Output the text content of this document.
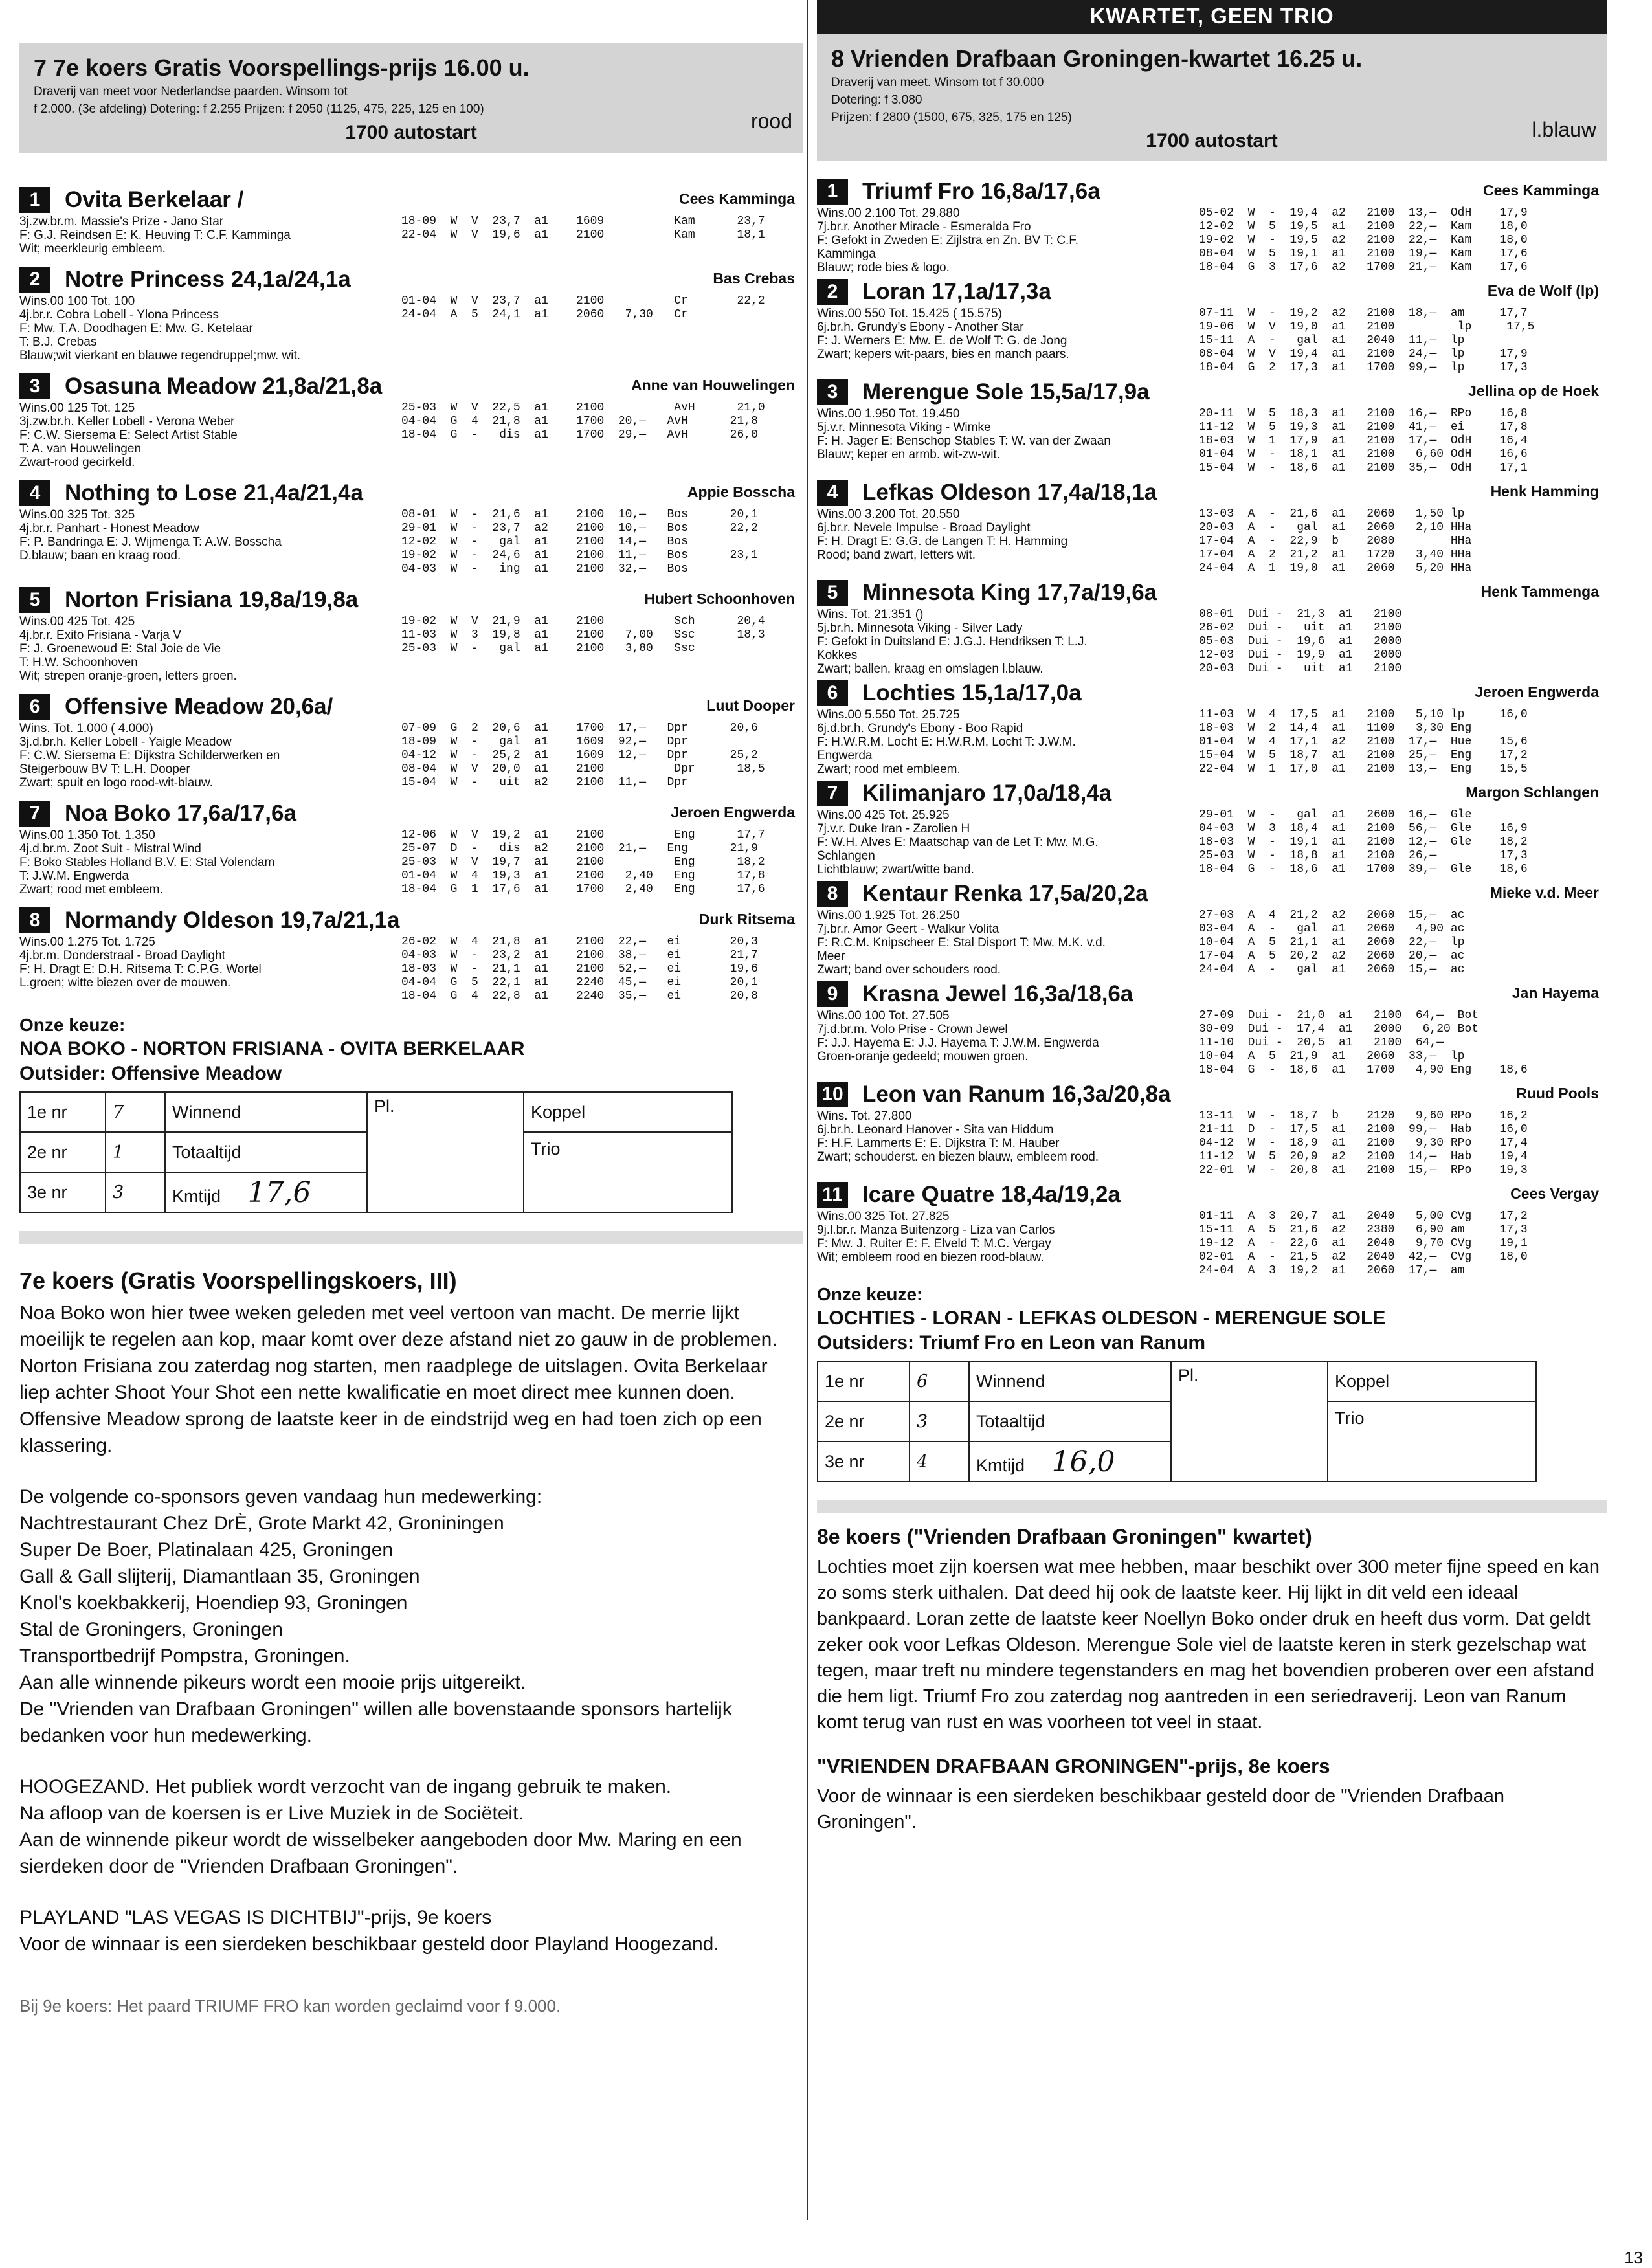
7 7e koers Gratis Voorspellings-prijs 16.00 u.
Draverij van meet voor Nederlandse paarden. Winsom tot
f 2.000. (3e afdeling) Dotering: f 2.255 Prijzen: f 2050 (1125, 475, 225, 125 en 100)
1700 autostart	rood
1	Ovita Berkelaar /	Cees Kamminga
3j.zw.br.m. Massie's Prize - Jano Star
F: G.J. Reindsen E: K. Heuving T: C.F. Kamminga
Wit; meerkleurig embleem.
18-09  W  V  23,7  a1    1609          Kam      23,7
22-04  W  V  19,6  a1    2100          Kam      18,1
2	Notre Princess 24,1a/24,1a	Bas Crebas
Wins.00 100 Tot. 100
4j.br.r. Cobra Lobell - Ylona Princess
F: Mw. T.A. Doodhagen E: Mw. G. Ketelaar
T: B.J. Crebas
Blauw;wit vierkant en blauwe regendruppel;mw. wit.
01-04  W  V  23,7  a1    2100          Cr       22,2
24-04  A  5  24,1  a1    2060   7,30   Cr
3	Osasuna Meadow 21,8a/21,8a	Anne van Houwelingen
Wins.00 125 Tot. 125
3j.zw.br.h. Keller Lobell - Verona Weber
F: C.W. Siersema E: Select Artist Stable
T: A. van Houwelingen
Zwart-rood gecirkeld.
25-03  W  V  22,5  a1    2100          AvH      21,0
04-04  G  4  21,8  a1    1700  20,—   AvH      21,8
18-04  G  -   dis  a1    1700  29,—   AvH      26,0
4	Nothing to Lose 21,4a/21,4a	Appie Bosscha
Wins.00 325 Tot. 325
4j.br.r. Panhart - Honest Meadow
F: P. Bandringa E: J. Wijmenga T: A.W. Bosscha
D.blauw; baan en kraag rood.
08-01  W  -  21,6  a1    2100  10,—   Bos      20,1
29-01  W  -  23,7  a2    2100  10,—   Bos      22,2
12-02  W  -   gal  a1    2100  14,—   Bos
19-02  W  -  24,6  a1    2100  11,—   Bos      23,1
04-03  W  -   ing  a1    2100  32,—   Bos
5	Norton Frisiana 19,8a/19,8a	Hubert Schoonhoven
Wins.00 425 Tot. 425
4j.br.r. Exito Frisiana - Varja V
F: J. Groenewoud E: Stal Joie de Vie
T: H.W. Schoonhoven
Wit; strepen oranje-groen, letters groen.
19-02  W  V  21,9  a1    2100          Sch      20,4
11-03  W  3  19,8  a1    2100   7,00   Ssc      18,3
25-03  W  -   gal  a1    2100   3,80   Ssc
6	Offensive Meadow 20,6a/	Luut Dooper
Wins. Tot. 1.000 ( 4.000)
3j.d.br.h. Keller Lobell - Yaigle Meadow
F: C.W. Siersema E: Dijkstra Schilderwerken en
Steigerbouw BV T: L.H. Dooper
Zwart; spuit en logo rood-wit-blauw.
07-09  G  2  20,6  a1    1700  17,—   Dpr      20,6
18-09  W  -   gal  a1    1609  92,—   Dpr
04-12  W  -  25,2  a1    1609  12,—   Dpr      25,2
08-04  W  V  20,0  a1    2100          Dpr      18,5
15-04  W  -   uit  a2    2100  11,—   Dpr
7	Noa Boko 17,6a/17,6a	Jeroen Engwerda
Wins.00 1.350 Tot. 1.350
4j.d.br.m. Zoot Suit - Mistral Wind
F: Boko Stables Holland B.V. E: Stal Volendam
T: J.W.M. Engwerda
Zwart; rood met embleem.
12-06  W  V  19,2  a1    2100          Eng      17,7
25-07  D  -   dis  a2    2100  21,—   Eng      21,9
25-03  W  V  19,7  a1    2100          Eng      18,2
01-04  W  4  19,3  a1    2100   2,40   Eng      17,8
18-04  G  1  17,6  a1    1700   2,40   Eng      17,6
8	Normandy Oldeson 19,7a/21,1a	Durk Ritsema
Wins.00 1.275 Tot. 1.725
4j.br.m. Donderstraal - Broad Daylight
F: H. Dragt E: D.H. Ritsema T: C.P.G. Wortel
L.groen; witte biezen over de mouwen.
26-02  W  4  21,8  a1    2100  22,—   ei       20,3
04-03  W  -  23,2  a1    2100  38,—   ei       21,7
18-03  W  -  21,1  a1    2100  52,—   ei       19,6
04-04  G  5  22,1  a1    2240  45,—   ei       20,1
18-04  G  4  22,8  a1    2240  35,—   ei       20,8
Onze keuze:
NOA BOKO - NORTON FRISIANA - OVITA BERKELAAR
Outsider: Offensive Meadow
1e nr	7	Winnend	Pl.	Koppel
2e nr	1	Totaaltijd		Trio
3e nr	3	Kmtijd 17,6		
7e koers (Gratis Voorspellingskoers, III)
Noa Boko won hier twee weken geleden met veel vertoon van macht. De merrie lijkt moeilijk te regelen aan kop, maar komt over deze afstand niet zo gauw in de problemen. Norton Frisiana zou zaterdag nog starten, men raadplege de uitslagen. Ovita Berkelaar liep achter Shoot Your Shot een nette kwalificatie en moet direct mee kunnen doen. Offensive Meadow sprong de laatste keer in de eindstrijd weg en had toen zich op een klassering.

De volgende co-sponsors geven vandaag hun medewerking:

Nachtrestaurant Chez DrÈ, Grote Markt 42, Groniningen

Super De Boer, Platinalaan 425, Groningen

Gall & Gall slijterij, Diamantlaan 35, Groningen

Knol's koekbakkerij, Hoendiep 93, Groningen

Stal de Groningers, Groningen

Transportbedrijf Pompstra, Groningen.

Aan alle winnende pikeurs wordt een mooie prijs uitgereikt.

De "Vrienden van Drafbaan Groningen" willen alle bovenstaande sponsors hartelijk bedanken voor hun medewerking.

HOOGEZAND. Het publiek wordt verzocht van de ingang gebruik te maken.

Na afloop van de koersen is er Live Muziek in de Sociëteit.

Aan de winnende pikeur wordt de wisselbeker aangeboden door Mw. Maring en een sierdeken door de "Vrienden Drafbaan Groningen".

PLAYLAND "LAS VEGAS IS DICHTBIJ"-prijs, 9e koers

Voor de winnaar is een sierdeken beschikbaar gesteld door Playland Hoogezand.

Bij 9e koers: Het paard TRIUMF FRO kan worden geclaimd voor f 9.000.
KWARTET, GEEN TRIO
8 Vrienden Drafbaan Groningen-kwartet 16.25 u.
Draverij van meet. Winsom tot f 30.000
Dotering: f 3.080
Prijzen: f 2800 (1500, 675, 325, 175 en 125)
1700 autostart	l.blauw
1	Triumf Fro 16,8a/17,6a	Cees Kamminga
Wins.00 2.100 Tot. 29.880
7j.br.r. Another Miracle - Esmeralda Fro
F: Gefokt in Zweden E: Zijlstra en Zn. BV T: C.F.
Kamminga
Blauw; rode bies & logo.
05-02  W  -  19,4  a2   2100  13,—  OdH    17,9
12-02  W  5  19,5  a1   2100  22,—  Kam    18,0
19-02  W  -  19,5  a2   2100  22,—  Kam    18,0
08-04  W  5  19,1  a1   2100  19,—  Kam    17,6
18-04  G  3  17,6  a2   1700  21,—  Kam    17,6
2	Loran 17,1a/17,3a	Eva de Wolf (lp)
Wins.00 550 Tot. 15.425 ( 15.575)
6j.br.h. Grundy's Ebony - Another Star
F: J. Werners E: Mw. E. de Wolf T: G. de Jong
Zwart; kepers wit-paars, bies en manch paars.
07-11  W  -  19,2  a2   2100  18,—  am     17,7
19-06  W  V  19,0  a1   2100         lp     17,5
15-11  A  -   gal  a1   2040  11,—  lp
08-04  W  V  19,4  a1   2100  24,—  lp     17,9
18-04  G  2  17,3  a1   1700  99,—  lp     17,3
3	Merengue Sole 15,5a/17,9a	Jellina op de Hoek
Wins.00 1.950 Tot. 19.450
5j.v.r. Minnesota Viking - Wimke
F: H. Jager E: Benschop Stables T: W. van der Zwaan
Blauw; keper en armb. wit-zw-wit.
20-11  W  5  18,3  a1   2100  16,—  RPo    16,8
11-12  W  5  19,3  a1   2100  41,—  ei     17,8
18-03  W  1  17,9  a1   2100  17,—  OdH    16,4
01-04  W  -  18,1  a1   2100   6,60 OdH    16,6
15-04  W  -  18,6  a1   2100  35,—  OdH    17,1
4	Lefkas Oldeson 17,4a/18,1a	Henk Hamming
Wins.00 3.200 Tot. 20.550
6j.br.r. Nevele Impulse - Broad Daylight
F: H. Dragt E: G.G. de Langen T: H. Hamming
Rood; band zwart, letters wit.
13-03  A  -  21,6  a1   2060   1,50 lp
20-03  A  -   gal  a1   2060   2,10 HHa
17-04  A  -  22,9  b    2080        HHa
17-04  A  2  21,2  a1   1720   3,40 HHa
24-04  A  1  19,0  a1   2060   5,20 HHa
5	Minnesota King 17,7a/19,6a	Henk Tammenga
Wins. Tot. 21.351 ()
5j.br.h. Minnesota Viking - Silver Lady
F: Gefokt in Duitsland E: J.G.J. Hendriksen T: L.J.
Kokkes
Zwart; ballen, kraag en omslagen l.blauw.
08-01  Dui -  21,3  a1   2100
26-02  Dui -   uit  a1   2100
05-03  Dui -  19,6  a1   2000
12-03  Dui -  19,9  a1   2000
20-03  Dui -   uit  a1   2100
6	Lochties 15,1a/17,0a	Jeroen Engwerda
Wins.00 5.550 Tot. 25.725
6j.d.br.h. Grundy's Ebony - Boo Rapid
F: H.W.R.M. Locht E: H.W.R.M. Locht T: J.W.M.
Engwerda
Zwart; rood met embleem.
11-03  W  4  17,5  a1   2100   5,10 lp     16,0
18-03  W  2  14,4  a1   1100   3,30 Eng
01-04  W  4  17,1  a2   2100  17,—  Hue    15,6
15-04  W  5  18,7  a1   2100  25,—  Eng    17,2
22-04  W  1  17,0  a1   2100  13,—  Eng    15,5
7	Kilimanjaro 17,0a/18,4a	Margon Schlangen
Wins.00 425 Tot. 25.925
7j.v.r. Duke Iran - Zarolien H
F: W.H. Alves E: Maatschap van de Let T: Mw. M.G.
Schlangen
Lichtblauw; zwart/witte band.
29-01  W  -   gal  a1   2600  16,—  Gle
04-03  W  3  18,4  a1   2100  56,—  Gle    16,9
18-03  W  -  19,1  a1   2100  12,—  Gle    18,2
25-03  W  -  18,8  a1   2100  26,—         17,3
18-04  G  -  18,6  a1   1700  39,—  Gle    18,6
8	Kentaur Renka 17,5a/20,2a	Mieke v.d. Meer
Wins.00 1.925 Tot. 26.250
7j.br.r. Amor Geert - Walkur Volita
F: R.C.M. Knipscheer E: Stal Disport T: Mw. M.K. v.d.
Meer
Zwart; band over schouders rood.
27-03  A  4  21,2  a2   2060  15,—  ac
03-04  A  -   gal  a1   2060   4,90 ac
10-04  A  5  21,1  a1   2060  22,—  lp
17-04  A  5  20,2  a2   2060  20,—  ac
24-04  A  -   gal  a1   2060  15,—  ac
9	Krasna Jewel 16,3a/18,6a	Jan Hayema
Wins.00 100 Tot. 27.505
7j.d.br.m. Volo Prise - Crown Jewel
F: J.J. Hayema E: J.J. Hayema T: J.W.M. Engwerda
Groen-oranje gedeeld; mouwen groen.
27-09  Dui -  21,0  a1   2100  64,—  Bot
30-09  Dui -  17,4  a1   2000   6,20 Bot
11-10  Dui -  20,5  a1   2100  64,—
10-04  A  5  21,9  a1   2060  33,—  lp
18-04  G  -  18,6  a1   1700   4,90 Eng    18,6
10 Leon van Ranum 16,3a/20,8a	Ruud Pools
Wins. Tot. 27.800
6j.br.h. Leonard Hanover - Sita van Hiddum
F: H.F. Lammerts E: E. Dijkstra T: M. Hauber
Zwart; schouderst. en biezen blauw, embleem rood.
13-11  W  -  18,7  b    2120   9,60 RPo    16,2
21-11  D  -  17,5  a1   2100  99,—  Hab    16,0
04-12  W  -  18,9  a1   2100   9,30 RPo    17,4
11-12  W  5  20,9  a2   2100  14,—  Hab    19,4
22-01  W  -  20,8  a1   2100  15,—  RPo    19,3
11 Icare Quatre 18,4a/19,2a	Cees Vergay
Wins.00 325 Tot. 27.825
9j.l.br.r. Manza Buitenzorg - Liza van Carlos
F: Mw. J. Ruiter E: F. Elveld T: M.C. Vergay
Wit; embleem rood en biezen rood-blauw.
01-11  A  3  20,7  a1   2040   5,00 CVg    17,2
15-11  A  5  21,6  a2   2380   6,90 am     17,3
19-12  A  -  22,6  a1   2040   9,70 CVg    19,1
02-01  A  -  21,5  a2   2040  42,—  CVg    18,0
24-04  A  3  19,2  a1   2060  17,—  am
Onze keuze:
LOCHTIES - LORAN - LEFKAS OLDESON - MERENGUE SOLE
Outsiders: Triumf Fro en Leon van Ranum
1e nr	6	Winnend	Pl.	Koppel
2e nr	3	Totaaltijd		Trio
3e nr	4	Kmtijd 16,0		
8e koers ("Vrienden Drafbaan Groningen" kwartet)
Lochties moet zijn koersen wat mee hebben, maar beschikt over 300 meter fijne speed en kan zo soms sterk uithalen. Dat deed hij ook de laatste keer. Hij lijkt in dit veld een ideaal bankpaard. Loran zette de laatste keer Noellyn Boko onder druk en heeft dus vorm. Dat geldt zeker ook voor Lefkas Oldeson. Merengue Sole viel de laatste keren in sterk gezelschap wat tegen, maar treft nu mindere tegenstanders en mag het bovendien proberen over een afstand die hem ligt. Triumf Fro zou zaterdag nog aantreden in een seriedraverij. Leon van Ranum komt terug van rust en was voorheen tot veel in staat.
"VRIENDEN DRAFBAAN GRONINGEN"-prijs, 8e koers
Voor de winnaar is een sierdeken beschikbaar gesteld door de "Vrienden Drafbaan Groningen".
13
